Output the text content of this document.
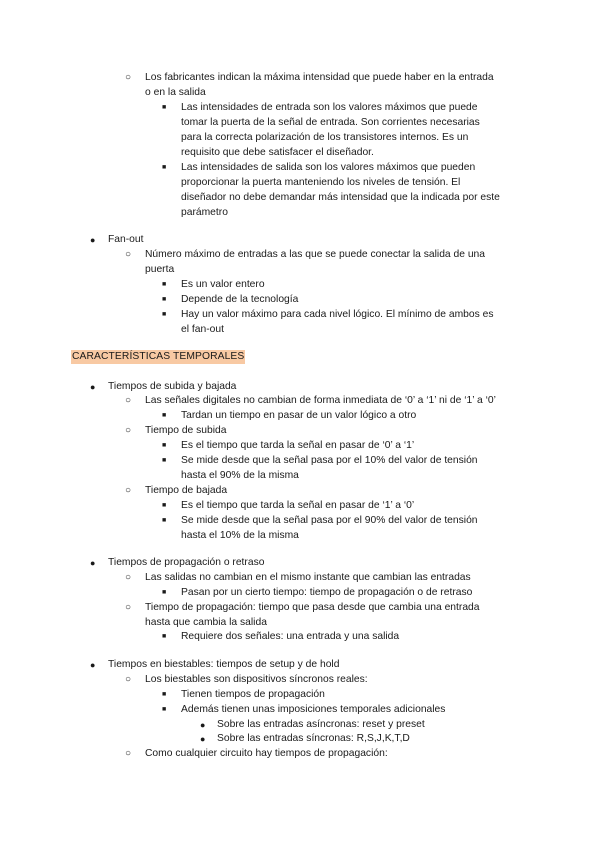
○ Los fabricantes indican la máxima intensidad que puede haber en la entrada
o en la salida
■ Las intensidades de entrada son los valores máximos que puede
tomar la puerta de la señal de entrada. Son corrientes necesarias
para la correcta polarización de los transistores internos. Es un
requisito que debe satisfacer el diseñador.
■ Las intensidades de salida son los valores máximos que pueden
proporcionar la puerta manteniendo los niveles de tensión. El
diseñador no debe demandar más intensidad que la indicada por este
parámetro
● Fan-out
○ Número máximo de entradas a las que se puede conectar la salida de una
puerta
■ Es un valor entero
■ Depende de la tecnología
■ Hay un valor máximo para cada nivel lógico. El mínimo de ambos es
el fan-out
CARACTERÍSTICAS TEMPORALES
● Tiempos de subida y bajada
○ Las señales digitales no cambian de forma inmediata de ‘0’ a ‘1’ ni de ‘1’ a ‘0’
■ Tardan un tiempo en pasar de un valor lógico a otro
○ Tiempo de subida
■ Es el tiempo que tarda la señal en pasar de ‘0’ a ‘1’
■ Se mide desde que la señal pasa por el 10% del valor de tensión
hasta el 90% de la misma
○ Tiempo de bajada
■ Es el tiempo que tarda la señal en pasar de ‘1’ a ‘0’
■ Se mide desde que la señal pasa por el 90% del valor de tensión
hasta el 10% de la misma
● Tiempos de propagación o retraso
○ Las salidas no cambian en el mismo instante que cambian las entradas
■ Pasan por un cierto tiempo: tiempo de propagación o de retraso
○ Tiempo de propagación: tiempo que pasa desde que cambia una entrada
hasta que cambia la salida
■ Requiere dos señales: una entrada y una salida
● Tiempos en biestables: tiempos de setup y de hold
○ Los biestables son dispositivos síncronos reales:
■ Tienen tiempos de propagación
■ Además tienen unas imposiciones temporales adicionales
● Sobre las entradas asíncronas: reset y preset
● Sobre las entradas síncronas: R,S,J,K,T,D
○ Como cualquier circuito hay tiempos de propagación:
